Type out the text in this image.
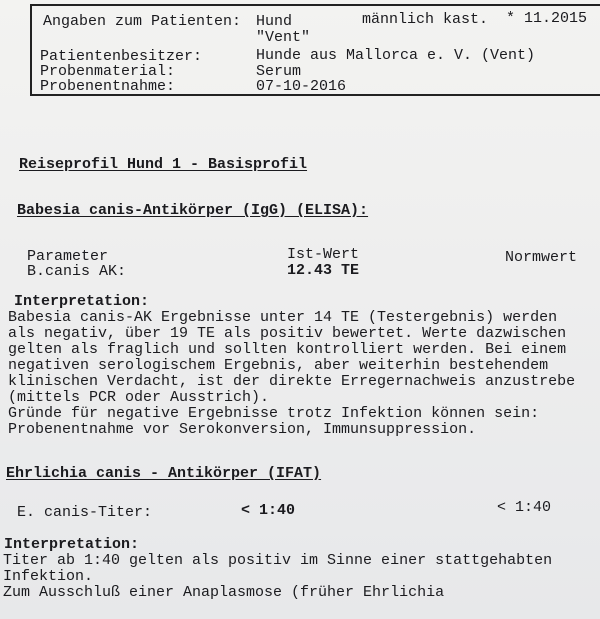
Angaben zum Patienten: Hund	männlich kast. * 11.2015
"Vent"
Patientenbesitzer:	Hunde aus Mallorca e. V. (Vent)
Probenmaterial:	Serum
Probenentnahme:	07-10-2016
Reiseprofil Hund 1 - Basisprofil
Babesia canis-Antikörper (IgG) (ELISA):
Parameter	Ist-Wert	Normwert
B.canis AK:	12.43 TE
Interpretation:
Babesia canis-AK Ergebnisse unter 14 TE (Testergebnis) werden
als negativ, über 19 TE als positiv bewertet. Werte dazwischen
gelten als fraglich und sollten kontrolliert werden. Bei einem
negativen serologischem Ergebnis, aber weiterhin bestehendem
klinischen Verdacht, ist der direkte Erregernachweis anzustrebe
(mittels PCR oder Ausstrich).
Gründe für negative Ergebnisse trotz Infektion können sein:
Probenentnahme vor Serokonversion, Immunsuppression.
Ehrlichia canis - Antikörper (IFAT)
E. canis-Titer:	< 1:40	< 1:40
Interpretation:
Titer ab 1:40 gelten als positiv im Sinne einer stattgehabten
Infektion.
Zum Ausschluß einer Anaplasmose (früher Ehrlichia
